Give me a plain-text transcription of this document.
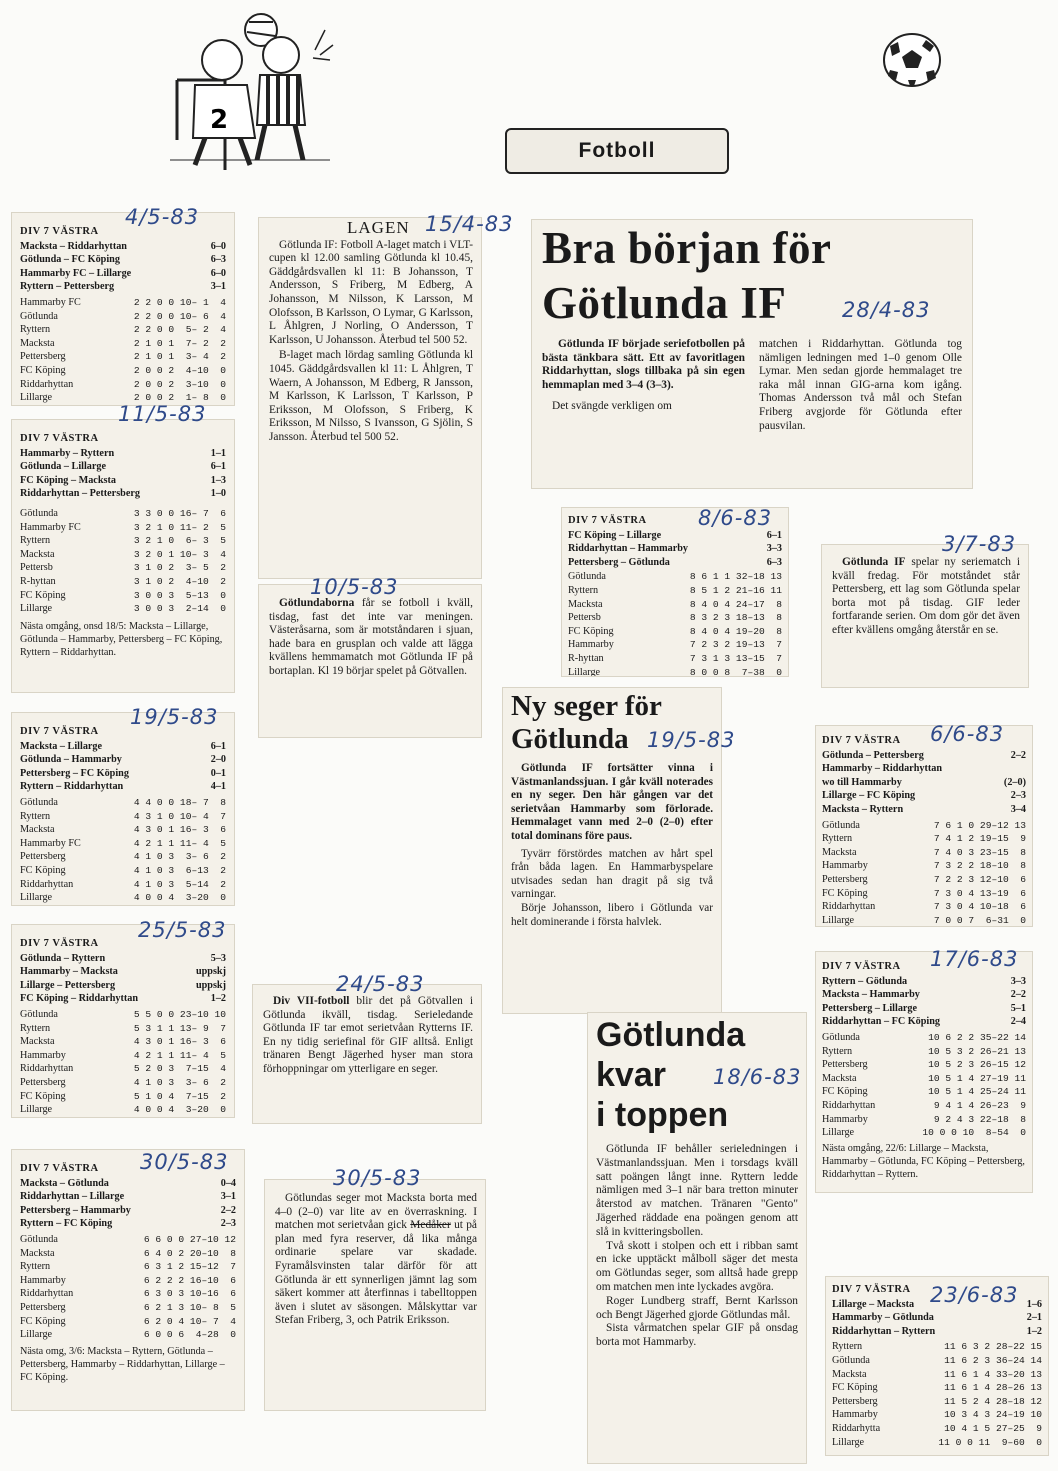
2
Fotboll
DIV 7 VÄSTRA
Macksta – Riddarhyttan	6–0
Götlunda – FC Köping	6–3
Hammarby FC – Lillarge	6–0
Ryttern – Pettersberg	3–1
Hammarby FC	2 2 0 0 10– 1  4
Götlunda	2 2 0 0 10– 6  4
Ryttern	2 2 0 0  5– 2  4
Macksta	2 1 0 1  7– 2  2
Pettersberg	2 1 0 1  3– 4  2
FC Köping	2 0 0 2  4–10  0
Riddarhyttan	2 0 0 2  3–10  0
Lillarge	2 0 0 2  1– 8  0
4/5-83
DIV 7 VÄSTRA
Hammarby – Ryttern	1–1
Götlunda – Lillarge	6–1
FC Köping – Macksta	1–3
Riddarhyttan – Pettersberg	1–0
Götlunda	3 3 0 0 16– 7  6
Hammarby FC	3 2 1 0 11– 2  5
Ryttern	3 2 1 0  6– 3  5
Macksta	3 2 0 1 10– 3  4
Pettersb	3 1 0 2  3– 5  2
R-hyttan	3 1 0 2  4–10  2
FC Köping	3 0 0 3  5–13  0
Lillarge	3 0 0 3  2–14  0
Nästa omgång, onsd 18/5: Macksta – Lillarge, Götlunda – Hammarby, Pettersberg – FC Köping, Ryttern – Riddarhyttan.
11/5-83
DIV 7 VÄSTRA
Macksta – Lillarge	6–1
Götlunda – Hammarby	2–0
Pettersberg – FC Köping	0–1
Ryttern – Riddarhyttan	4–1
Götlunda	4 4 0 0 18– 7  8
Ryttern	4 3 1 0 10– 4  7
Macksta	4 3 0 1 16– 3  6
Hammarby FC	4 2 1 1 11– 4  5
Pettersberg	4 1 0 3  3– 6  2
FC Köping	4 1 0 3  6–13  2
Riddarhyttan	4 1 0 3  5–14  2
Lillarge	4 0 0 4  3–20  0
19/5-83
DIV 7 VÄSTRA
Götlunda – Ryttern	5–3
Hammarby – Macksta	uppskj
Lillarge – Pettersberg	uppskj
FC Köping – Riddarhyttan	1–2
Götlunda	5 5 0 0 23–10 10
Ryttern	5 3 1 1 13– 9  7
Macksta	4 3 0 1 16– 3  6
Hammarby	4 2 1 1 11– 4  5
Riddarhyttan	5 2 0 3  7–15  4
Pettersberg	4 1 0 3  3– 6  2
FC Köping	5 1 0 4  7–15  2
Lillarge	4 0 0 4  3–20  0
25/5-83
DIV 7 VÄSTRA
Macksta – Götlunda	0–4
Riddarhyttan – Lillarge	3–1
Pettersberg – Hammarby	2–2
Ryttern – FC Köping	2–3
Götlunda	6 6 0 0 27–10 12
Macksta	6 4 0 2 20–10  8
Ryttern	6 3 1 2 15–12  7
Hammarby	6 2 2 2 16–10  6
Riddarhyttan	6 3 0 3 10–16  6
Pettersberg	6 2 1 3 10– 8  5
FC Köping	6 2 0 4 10– 7  4
Lillarge	6 0 0 6  4–28  0
Nästa omg, 3/6: Macksta – Ryttern, Götlunda – Pettersberg, Hammarby – Riddarhyttan, Lillarge – FC Köping.
30/5-83
LAGEN

Götlunda IF: Fotboll A-laget match i VLT-cupen kl 12.00 samling Götlunda kl 10.45, Gäddgårdsvallen kl 11: B Johansson, T Andersson, S Friberg, M Edberg, A Johansson, M Nilsson, K Larsson, M Olofsson, B Karlsson, O Lymar, G Karlsson, L Åhlgren, J Norling, O Andersson, T Karlsson, U Johansson. Återbud tel 500 52.

B-laget mach lördag samling Götlunda kl 1045. Gäddgårdsvallen kl 11: L Åhlgren, T Waern, A Johansson, M Edberg, R Jansson, M Karlsson, K Larlsson, T Karlsson, P Eriksson, M Olofsson, S Friberg, K Eriksson, M Nilsso, S Ivansson, G Sjölin, S Jansson. Återbud tel 500 52.

15/4-83

Götlundaborna får se fotboll i kväll, tisdag, fast det inte var meningen. Västeråsarna, som är motståndaren i sjuan, hade bara en grusplan och valde att lägga kvällens hemmamatch mot Götlunda IF på bortaplan. Kl 19 börjar spelet på Götvallen.

10/5-83

Div VII-fotboll blir det på Götvallen i Götlunda ikväll, tisdag. Serieledande Götlunda IF tar emot serietvåan Rytterns IF. En ny tidig seriefinal för GIF alltså. Enligt tränaren Bengt Jägerhed hyser man stora förhoppningar om ytterligare en seger.

24/5-83

Götlundas seger mot Macksta borta med 4–0 (2–0) var lite av en överraskning. I matchen mot serietvåan gick Medåker ut på plan med fyra reserver, då lika många ordinarie spelare var skadade. Fyramålsvinsten talar därför för att Götlunda är ett synnerligen jämnt lag som säkert kommer att återfinnas i tabelltoppen även i slutet av säsongen. Målskyttar var Stefan Friberg, 3, och Patrik Eriksson.

30/5-83
Bra början för
Götlunda IF

Götlunda IF började seriefotbollen på bästa tänkbara sätt. Ett av favoritlagen Riddarhyttan, slogs tillbaka på sin egen hemmaplan med 3–4 (3–3).

Det svängde verkligen om

matchen i Riddarhyttan. Götlunda tog nämligen ledningen med 1–0 genom Olle Lymar. Men sedan gjorde hemmalaget tre raka mål innan GIG-arna kom igång. Thomas Andersson två mål och Stefan Friberg avgjorde för Götlunda efter pausvilan.

28/4-83
DIV 7 VÄSTRA
FC Köping – Lillarge	6–1
Riddarhyttan – Hammarby	3–3
Pettersberg – Götlunda	6–3
Götlunda	8 6 1 1 32–18 13
Ryttern	8 5 1 2 21–16 11
Macksta	8 4 0 4 24–17  8
Pettersb	8 3 2 3 18–13  8
FC Köping	8 4 0 4 19–20  8
Hammarby	7 2 3 2 19–13  7
R-hyttan	7 3 1 3 13–15  7
Lillarge	8 0 0 8  7–38  0
8/6-83
Ny seger för
Götlunda

Götlunda IF fortsätter vinna i Västmanlandssjuan. I går kväll noterades en ny seger. Den här gången var det serietvåan Hammarby som förlorade. Hemmalaget vann med 2–0 (2–0) efter total dominans före paus.

Tyvärr förstördes matchen av hårt spel från båda lagen. En Hammarbyspelare utvisades sedan han dragit på sig två varningar.

Börje Johansson, libero i Götlunda var helt dominerande i första halvlek.

19/5-83
Götlunda
kvar
i toppen

Götlunda IF behåller serieledningen i Västmanlandssjuan. Men i torsdags kväll satt poängen långt inne. Ryttern ledde nämligen med 3–1 när bara tretton minuter återstod av matchen. Tränaren "Gento" Jägerhed räddade ena poängen genom att slå in kvitteringsbollen.

Två skott i stolpen och ett i ribban samt en icke upptäckt målboll säger det mesta om Götlundas seger, som alltså hade grepp om matchen men inte lyckades avgöra.

Roger Lundberg straff, Bernt Karlsson och Bengt Jägerhed gjorde Götlundas mål.

Sista vårmatchen spelar GIF på onsdag borta mot Hammarby.

18/6-83

Götlunda IF spelar ny seriematch i kväll fredag. För motståndet står Pettersberg, ett lag som Götlunda spelar borta mot på tisdag. GIF leder fortfarande serien. Om dom gör det även efter kvällens omgång återstår en se.

3/7-83
DIV 7 VÄSTRA
Götlunda – Pettersberg	2–2
Hammarby – Riddarhyttan
wo till Hammarby	(2–0)
Lillarge – FC Köping	2–3
Macksta – Ryttern	3–4
Götlunda	7 6 1 0 29–12 13
Ryttern	7 4 1 2 19–15  9
Macksta	7 4 0 3 23–15  8
Hammarby	7 3 2 2 18–10  8
Pettersberg	7 2 2 3 12–10  6
FC Köping	7 3 0 4 13–19  6
Riddarhyttan	7 3 0 4 10–18  6
Lillarge	7 0 0 7  6–31  0
6/6-83
DIV 7 VÄSTRA
Ryttern – Götlunda	3–3
Macksta – Hammarby	2–2
Pettersberg – Lillarge	5–1
Riddarhyttan – FC Köping	2–4
Götlunda	10 6 2 2 35–22 14
Ryttern	10 5 3 2 26–21 13
Pettersberg	10 5 2 3 26–15 12
Macksta	10 5 1 4 27–19 11
FC Köping	10 5 1 4 25–24 11
Riddarhyttan	9 4 1 4 26–23  9
Hammarby	9 2 4 3 22–18  8
Lillarge	10 0 0 10  8–54  0
Nästa omgång, 22/6: Lillarge – Macksta, Hammarby – Götlunda, FC Köping – Pettersberg, Riddarhyttan – Ryttern.
17/6-83
DIV 7 VÄSTRA
Lillarge – Macksta	1–6
Hammarby – Götlunda	2–1
Riddarhyttan – Ryttern	1–2
Ryttern	11 6 3 2 28–22 15
Götlunda	11 6 2 3 36–24 14
Macksta	11 6 1 4 33–20 13
FC Köping	11 6 1 4 28–26 13
Pettersberg	11 5 2 4 28–18 12
Hammarby	10 3 4 3 24–19 10
Riddarhytta	10 4 1 5 27–25  9
Lillarge	11 0 0 11  9–60  0
23/6-83
